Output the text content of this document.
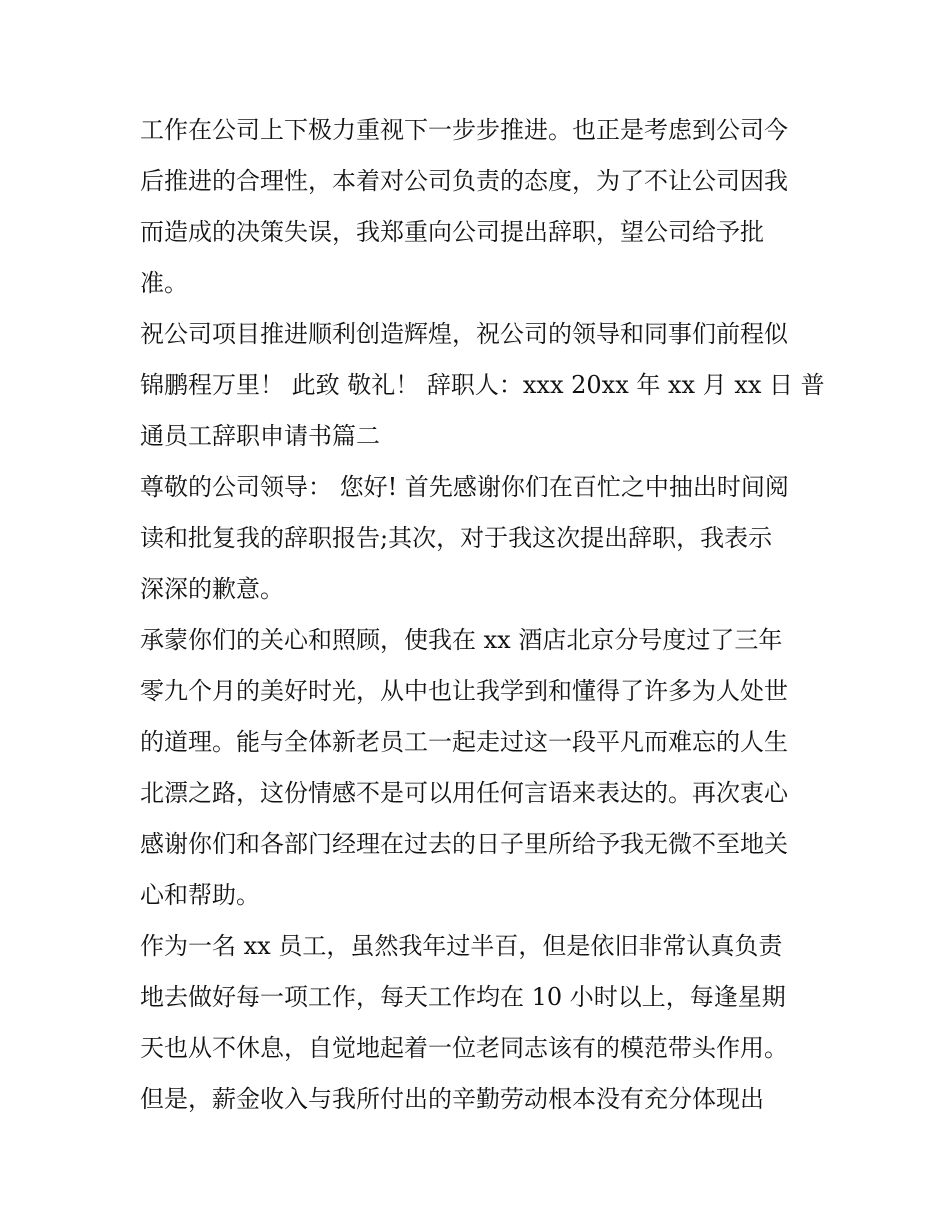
工作在公司上下极力重视下一步步推进。也正是考虑到公司今
后推进的合理性，本着对公司负责的态度，为了不让公司因我
而造成的决策失误，我郑重向公司提出辞职，望公司给予批
准。
祝公司项目推进顺利创造辉煌，祝公司的领导和同事们前程似
锦鹏程万里！ 此致 敬礼！ 辞职人：xxx 20xx 年 xx 月 xx 日 普
通员工辞职申请书篇二
尊敬的公司领导： 您好! 首先感谢你们在百忙之中抽出时间阅
读和批复我的辞职报告;其次，对于我这次提出辞职，我表示
深深的歉意。
承蒙你们的关心和照顾，使我在 xx 酒店北京分号度过了三年
零九个月的美好时光，从中也让我学到和懂得了许多为人处世
的道理。能与全体新老员工一起走过这一段平凡而难忘的人生
北漂之路，这份情感不是可以用任何言语来表达的。再次衷心
感谢你们和各部门经理在过去的日子里所给予我无微不至地关
心和帮助。
作为一名 xx 员工，虽然我年过半百，但是依旧非常认真负责
地去做好每一项工作，每天工作均在 10 小时以上，每逢星期
天也从不休息，自觉地起着一位老同志该有的模范带头作用。
但是，薪金收入与我所付出的辛勤劳动根本没有充分体现出
